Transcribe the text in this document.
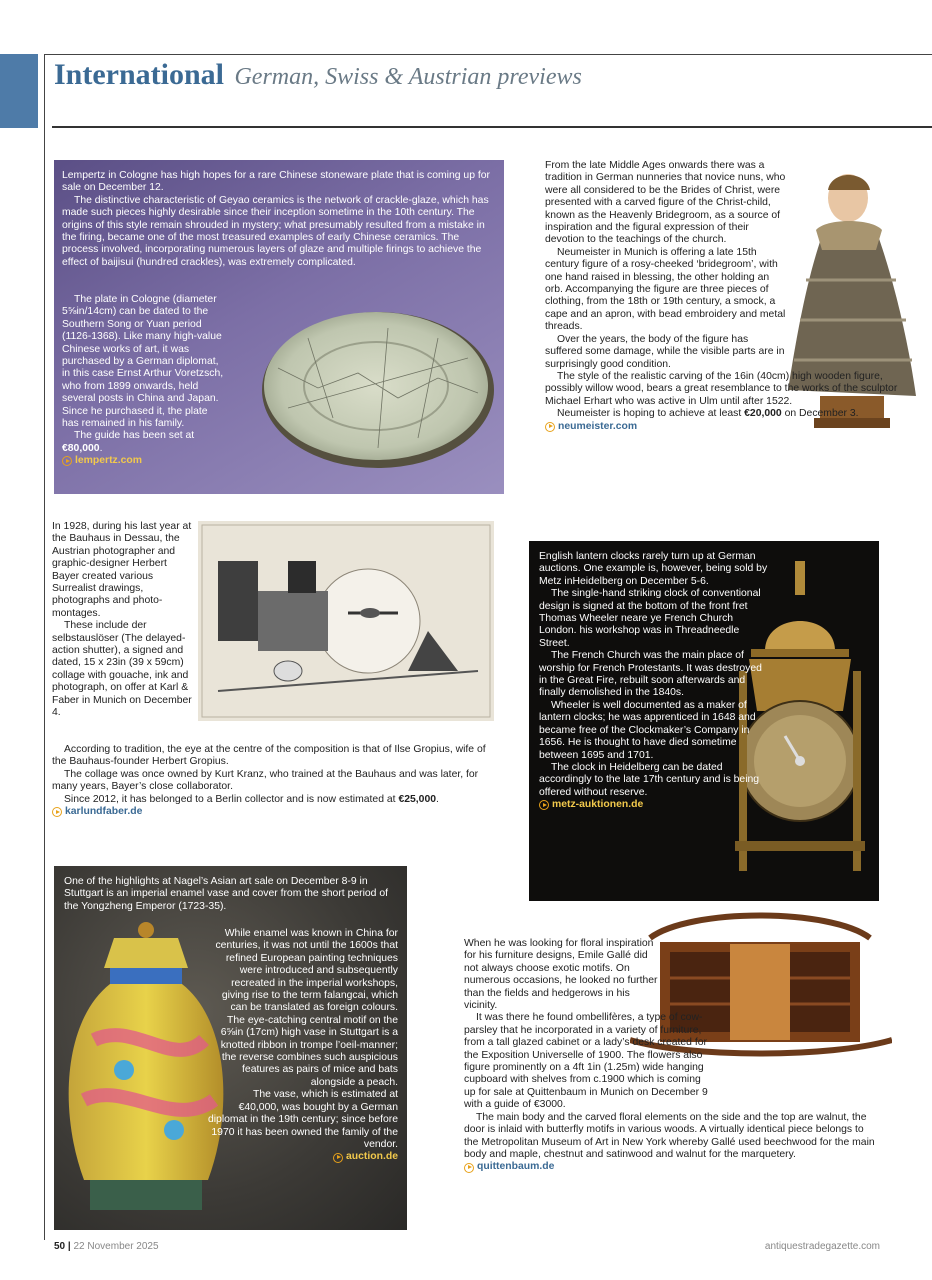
International German, Swiss & Austrian previews

Lempertz in Cologne has high hopes for a rare Chinese stoneware plate that is coming up for sale on December 12.

The distinctive characteristic of Geyao ceramics is the network of crackle-glaze, which has made such pieces highly desirable since their inception sometime in the 10th century. The origins of this style remain shrouded in mystery; what presumably resulted from a mistake in the firing, became one of the most treasured examples of early Chinese ceramics. The process involved, incorporating numerous layers of glaze and multiple firings to achieve the effect of baijisui (hundred crackles), was extremely complicated.

The plate in Cologne (diameter 5⅝in/14cm) can be dated to the Southern Song or Yuan period (1126-1368). Like many high-value Chinese works of art, it was purchased by a German diplomat, in this case Ernst Arthur Voretzsch, who from 1899 onwards, held several posts in China and Japan. Since he purchased it, the plate has remained in his family.

The guide has been set at €80,000.

lempertz.com

From the late Middle Ages onwards there was a tradition in German nunneries that novice nuns, who were all considered to be the Brides of Christ, were presented with a carved figure of the Christ-child, known as the Heavenly Bridegroom, as a source of inspiration and the figural expression of their devotion to the teachings of the church.

Neumeister in Munich is offering a late 15th century figure of a rosy-cheeked ‘bridegroom’, with one hand raised in blessing, the other holding an orb. Accompanying the figure are three pieces of clothing, from the 18th or 19th century, a smock, a cape and an apron, with bead embroidery and metal threads.

Over the years, the body of the figure has suffered some damage, while the visible parts are in surprisingly good condition.

The style of the realistic carving of the 16in (40cm) high wooden figure, possibly willow wood, bears a great resemblance to the works of the sculptor Michael Erhart who was active in Ulm until after 1522.

Neumeister is hoping to achieve at least €20,000 on December 3.

neumeister.com

In 1928, during his last year at the Bauhaus in Dessau, the Austrian photographer and graphic-designer Herbert Bayer created various Surrealist drawings, photographs and photo-montages.

These include der selbstauslöser (The delayed-action shutter), a signed and dated, 15 x 23in (39 x 59cm) collage with gouache, ink and photograph, on offer at Karl & Faber in Munich on December 4.

According to tradition, the eye at the centre of the composition is that of Ilse Gropius, wife of the Bauhaus-founder Herbert Gropius.

The collage was once owned by Kurt Kranz, who trained at the Bauhaus and was later, for many years, Bayer’s close collaborator.

Since 2012, it has belonged to a Berlin collector and is now estimated at €25,000.

karlundfaber.de

English lantern clocks rarely turn up at German auctions. One example is, however, being sold by Metz inHeidelberg on December 5-6.

The single-hand striking clock of conventional design is signed at the bottom of the front fret Thomas Wheeler neare ye French Church London. his workshop was in Threadneedle Street.

The French Church was the main place of worship for French Protestants. It was destroyed in the Great Fire, rebuilt soon afterwards and finally demolished in the 1840s.

Wheeler is well documented as a maker of lantern clocks; he was apprenticed in 1648 and became free of the Clockmaker’s Company in 1656. He is thought to have died sometime between 1695 and 1701.

The clock in Heidelberg can be dated accordingly to the late 17th century and is being offered without reserve.

metz-auktionen.de

One of the highlights at Nagel’s Asian art sale on December 8-9 in Stuttgart is an imperial enamel vase and cover from the short period of the Yongzheng Emperor (1723-35).

While enamel was known in China for centuries, it was not until the 1600s that refined European painting techniques were introduced and subsequently recreated in the imperial workshops, giving rise to the term falangcai, which can be translated as foreign colours.

The eye-catching central motif on the 6⅝in (17cm) high vase in Stuttgart is a knotted ribbon in trompe l’oeil-manner; the reverse combines such auspicious features as pairs of mice and bats alongside a peach.

The vase, which is estimated at €40,000, was bought by a German diplomat in the 19th century; since before 1970 it has been owned the family of the vendor.

auction.de

When he was looking for floral inspiration for his furniture designs, Emile Gallé did not always choose exotic motifs. On numerous occasions, he looked no further than the fields and hedgerows in his vicinity.

It was there he found ombellifères, a type of cow-parsley that he incorporated in a variety of furniture, from a tall glazed cabinet or a lady’s desk created for the Exposition Universelle of 1900. The flowers also figure prominently on a 4ft 1in (1.25m) wide hanging cupboard with shelves from c.1900 which is coming up for sale at Quittenbaum in Munich on December 9 with a guide of €3000.

The main body and the carved floral elements on the side and the top are walnut, the door is inlaid with butterfly motifs in various woods. A virtually identical piece belongs to the Metropolitan Museum of Art in New York whereby Gallé used beechwood for the main body and maple, chestnut and satinwood and walnut for the marquetery.

quittenbaum.de
50 | 22 November 2025	antiquestradegazette.com
